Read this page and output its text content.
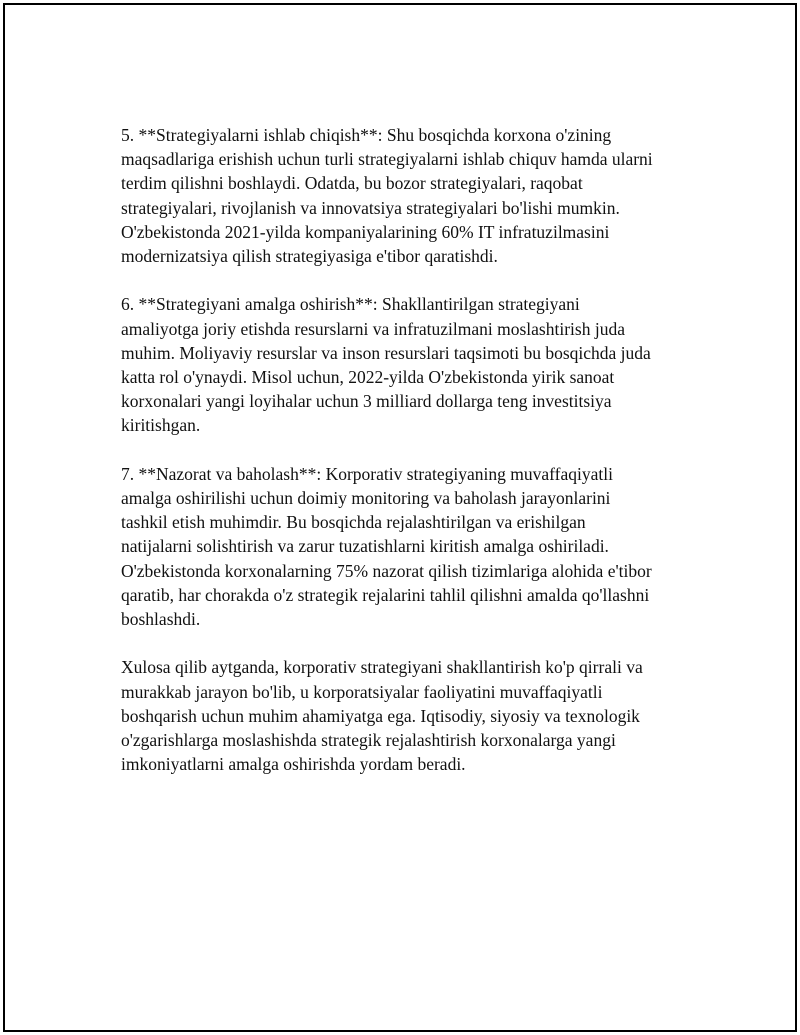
5. **Strategiyalarni ishlab chiqish**: Shu bosqichda korxona o'zining
maqsadlariga erishish uchun turli strategiyalarni ishlab chiquv hamda ularni
terdim qilishni boshlaydi. Odatda, bu bozor strategiyalari, raqobat
strategiyalari, rivojlanish va innovatsiya strategiyalari bo'lishi mumkin.
O'zbekistonda 2021-yilda kompaniyalarining 60% IT infratuzilmasini
modernizatsiya qilish strategiyasiga e'tibor qaratishdi.

6. **Strategiyani amalga oshirish**: Shakllantirilgan strategiyani
amaliyotga joriy etishda resurslarni va infratuzilmani moslashtirish juda
muhim. Moliyaviy resurslar va inson resurslari taqsimoti bu bosqichda juda
katta rol o'ynaydi. Misol uchun, 2022-yilda O'zbekistonda yirik sanoat
korxonalari yangi loyihalar uchun 3 milliard dollarga teng investitsiya
kiritishgan.

7. **Nazorat va baholash**: Korporativ strategiyaning muvaffaqiyatli
amalga oshirilishi uchun doimiy monitoring va baholash jarayonlarini
tashkil etish muhimdir. Bu bosqichda rejalashtirilgan va erishilgan
natijalarni solishtirish va zarur tuzatishlarni kiritish amalga oshiriladi.
O'zbekistonda korxonalarning 75% nazorat qilish tizimlariga alohida e'tibor
qaratib, har chorakda o'z strategik rejalarini tahlil qilishni amalda qo'llashni
boshlashdi.

Xulosa qilib aytganda, korporativ strategiyani shakllantirish ko'p qirrali va
murakkab jarayon bo'lib, u korporatsiyalar faoliyatini muvaffaqiyatli
boshqarish uchun muhim ahamiyatga ega. Iqtisodiy, siyosiy va texnologik
o'zgarishlarga moslashishda strategik rejalashtirish korxonalarga yangi
imkoniyatlarni amalga oshirishda yordam beradi.
